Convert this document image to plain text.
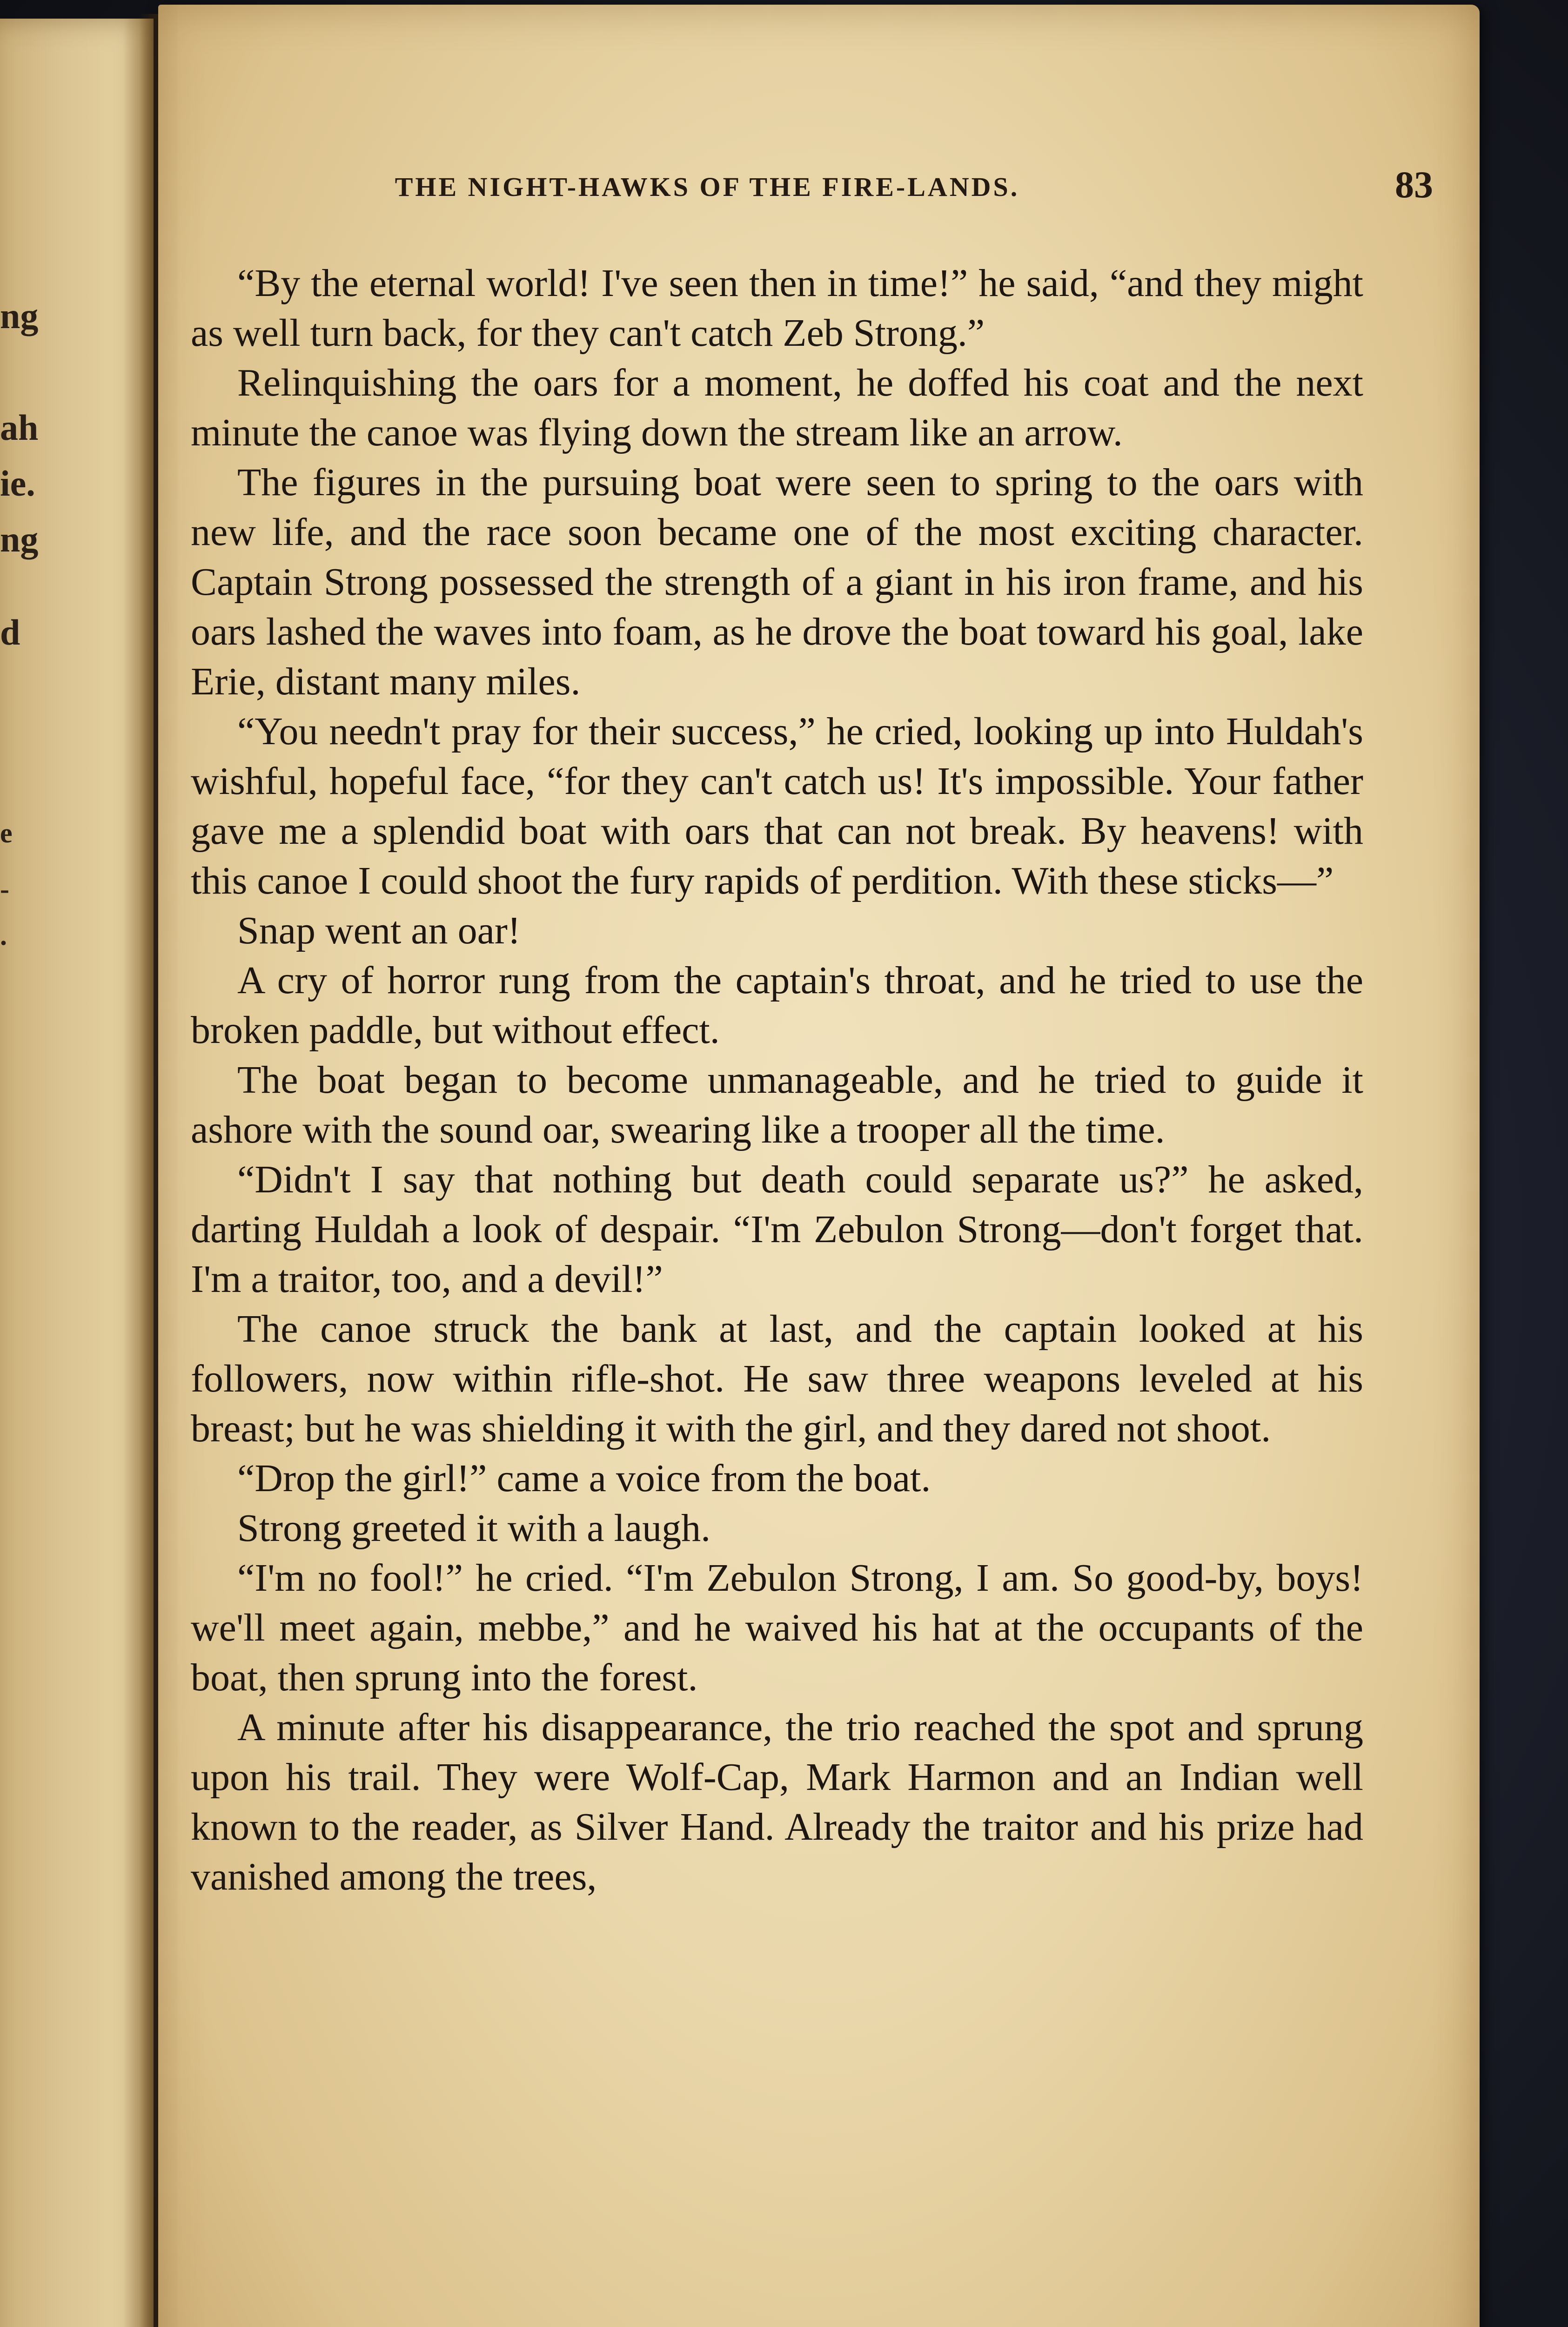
ng
ah
ie.
ng
d
e
-
.
THE NIGHT-HAWKS OF THE FIRE-LANDS.	83

“By the eternal world! I've seen then in time!” he said, “and they might as well turn back, for they can't catch Zeb Strong.”

Relinquishing the oars for a moment, he doffed his coat and the next minute the canoe was flying down the stream like an arrow.

The figures in the pursuing boat were seen to spring to the oars with new life, and the race soon became one of the most exciting character. Captain Strong possessed the strength of a giant in his iron frame, and his oars lashed the waves into foam, as he drove the boat toward his goal, lake Erie, distant many miles.

“You needn't pray for their success,” he cried, looking up into Huldah's wishful, hopeful face, “for they can't catch us! It's impossible. Your father gave me a splendid boat with oars that can not break. By heavens! with this canoe I could shoot the fury rapids of perdition. With these sticks—”

Snap went an oar!

A cry of horror rung from the captain's throat, and he tried to use the broken paddle, but without effect.

The boat began to become unmanageable, and he tried to guide it ashore with the sound oar, swearing like a trooper all the time.

“Didn't I say that nothing but death could separate us?” he asked, darting Huldah a look of despair. “I'm Zebulon Strong—don't forget that. I'm a traitor, too, and a devil!”

The canoe struck the bank at last, and the captain looked at his followers, now within rifle-shot. He saw three weapons leveled at his breast; but he was shielding it with the girl, and they dared not shoot.

“Drop the girl!” came a voice from the boat.

Strong greeted it with a laugh.

“I'm no fool!” he cried. “I'm Zebulon Strong, I am. So good-by, boys! we'll meet again, mebbe,” and he waived his hat at the occupants of the boat, then sprung into the forest.

A minute after his disappearance, the trio reached the spot and sprung upon his trail. They were Wolf-Cap, Mark Harmon and an Indian well known to the reader, as Silver Hand. Already the traitor and his prize had vanished among the trees,
